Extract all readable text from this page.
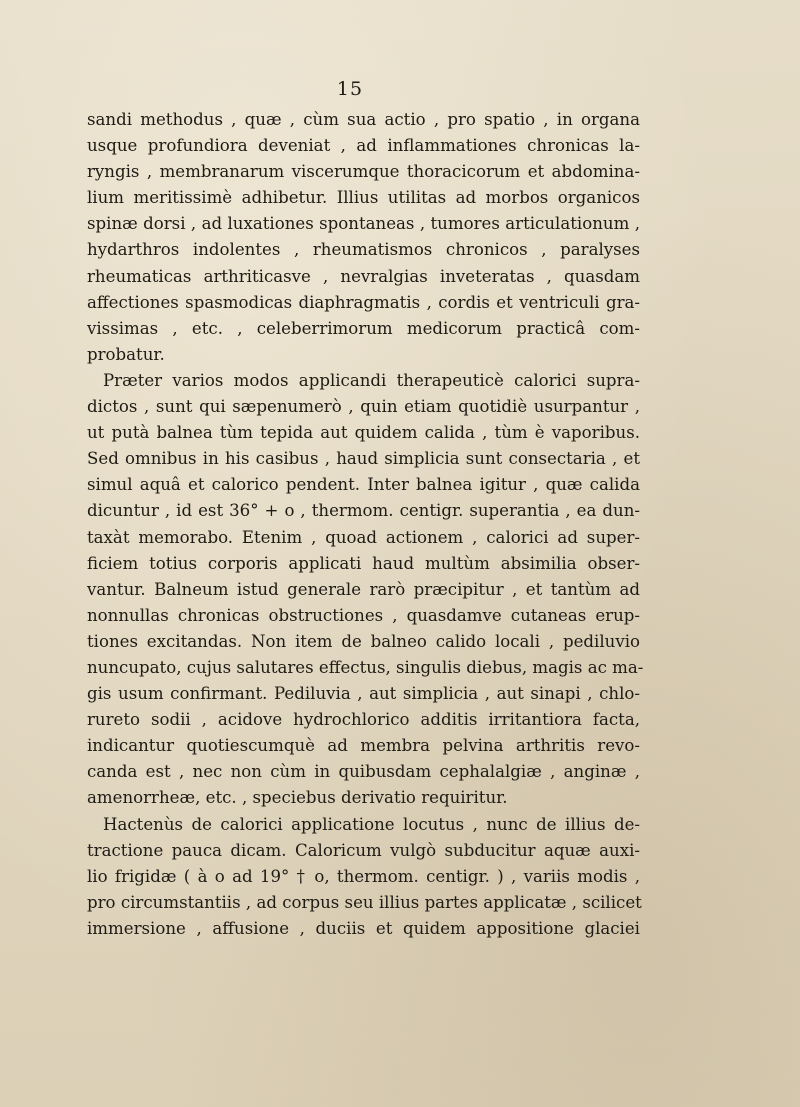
15
sandi methodus , quæ , cùm sua actio , pro spatio , in organa
usque profundiora deveniat , ad inflammationes chronicas la-
ryngis , membranarum viscerumque thoracicorum et abdomina-
lium meritissimè adhibetur. Illius utilitas ad morbos organicos
spinæ dorsi , ad luxationes spontaneas , tumores articulationum ,
hydarthros indolentes , rheumatismos chronicos , paralyses
rheumaticas arthriticasve , nevralgias inveteratas , quasdam
affectiones spasmodicas diaphragmatis , cordis et ventriculi gra-
vissimas , etc. , celeberrimorum medicorum practicâ com-
probatur.
Præter varios modos applicandi therapeuticè calorici supra-
dictos , sunt qui sæpenumerò , quin etiam quotidiè usurpantur ,
ut putà balnea tùm tepida aut quidem calida , tùm è vaporibus.
Sed omnibus in his casibus , haud simplicia sunt consectaria , et
simul aquâ et calorico pendent. Inter balnea igitur , quæ calida
dicuntur , id est 36° + o , thermom. centigr. superantia , ea dun-
taxàt memorabo. Etenim , quoad actionem , calorici ad super-
ficiem totius corporis applicati haud multùm absimilia obser-
vantur. Balneum istud generale rarò præcipitur , et tantùm ad
nonnullas chronicas obstructiones , quasdamve cutaneas erup-
tiones excitandas. Non item de balneo calido locali , pediluvio
nuncupato, cujus salutares effectus, singulis diebus, magis ac ma-
gis usum confirmant. Pediluvia , aut simplicia , aut sinapi , chlo-
rureto sodii , acidove hydrochlorico additis irritantiora facta,
indicantur quotiescumquè ad membra pelvina arthritis revo-
canda est , nec non cùm in quibusdam cephalalgiæ , anginæ ,
amenorrheæ, etc. , speciebus derivatio requiritur.
Hactenùs de calorici applicatione locutus , nunc de illius de-
tractione pauca dicam. Caloricum vulgò subducitur aquæ auxi-
lio frigidæ ( à o ad 19° † o, thermom. centigr. ) , variis modis ,
pro circumstantiis , ad corpus seu illius partes applicatæ , scilicet
immersione , affusione , duciis et quidem appositione glaciei
